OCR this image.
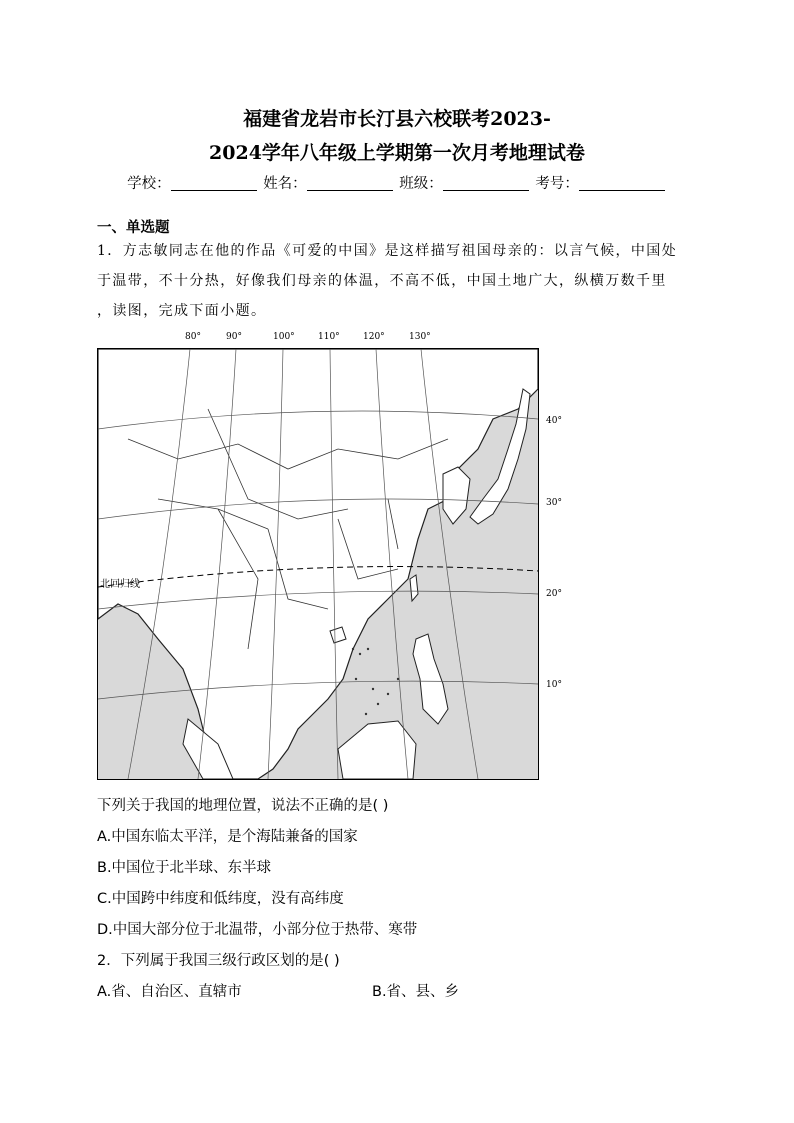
福建省龙岩市长汀县六校联考2023-
2024学年八年级上学期第一次月考地理试卷
学校：	姓名：	班级：	考号：
一、单选题
1．方志敏同志在他的作品《可爱的中国》是这样描写祖国母亲的：以言气候，中国处
于温带，不十分热，好像我们母亲的体温，不高不低，中国土地广大，纵横万数千里
，读图，完成下面小题。
80°	90°	100°	110°	120°	130°
40°
30°
20°
10°
北回归线
下列关于我国的地理位置，说法不正确的是( )
A.中国东临太平洋，是个海陆兼备的国家
B.中国位于北半球、东半球
C.中国跨中纬度和低纬度，没有高纬度
D.中国大部分位于北温带，小部分位于热带、寒带
2．下列属于我国三级行政区划的是( )
A.省、自治区、直辖市	B.省、县、乡
